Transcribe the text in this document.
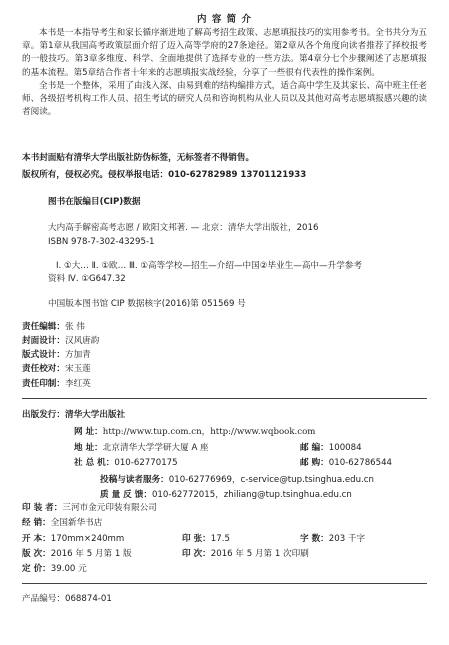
内 容 简 介

本书是一本指导考生和家长循序渐进地了解高考招生政策、志愿填报技巧的实用参考书。全书共分为五章。第1章从我国高考政策层面介绍了迈入高等学府的27条途径。第2章从各个角度向读者推荐了择校报考的一般技巧。第3章多维度、科学、全面地提供了选择专业的一些方法。第4章分七个步骤阐述了志愿填报的基本流程。第5章结合作者十年来的志愿填报实战经验，分享了一些很有代表性的操作案例。

全书是一个整体，采用了由浅入深、由易到难的结构编排方式，适合高中学生及其家长、高中班主任老师、各级招考机构工作人员、招生考试的研究人员和咨询机构从业人员以及其他对高考志愿填报感兴趣的读者阅读。

本书封面贴有清华大学出版社防伪标签，无标签者不得销售。
版权所有，侵权必究。侵权举报电话：010-62782989 13701121933
图书在版编目(CIP)数据
大内高手解密高考志愿 / 欧阳文邦著. — 北京：清华大学出版社，2016
ISBN 978-7-302-43295-1
Ⅰ. ①大… Ⅱ. ①欧… Ⅲ. ①高等学校—招生—介绍—中国②毕业生—高中—升学参考
资料 Ⅳ. ①G647.32
中国版本图书馆 CIP 数据核字(2016)第 051569 号
责任编辑：张 伟
封面设计：汉风唐韵
版式设计：方加青
责任校对：宋玉莲
责任印制：李红英
出版发行：清华大学出版社
网 址：http://www.tup.com.cn，http://www.wqbook.com
地 址：北京清华大学学研大厦 A 座	邮 编：100084
社 总 机：010-62770175	邮 购：010-62786544
投稿与读者服务：010-62776969，c-service@tup.tsinghua.edu.cn
质 量 反 馈：010-62772015，zhiliang@tup.tsinghua.edu.cn
印 装 者：三河市金元印装有限公司
经 销：全国新华书店
开 本：170mm×240mm	印 张：17.5	字 数：203 千字
版 次：2016 年 5 月第 1 版	印 次：2016 年 5 月第 1 次印刷
定 价：39.00 元
产品编号：068874-01
